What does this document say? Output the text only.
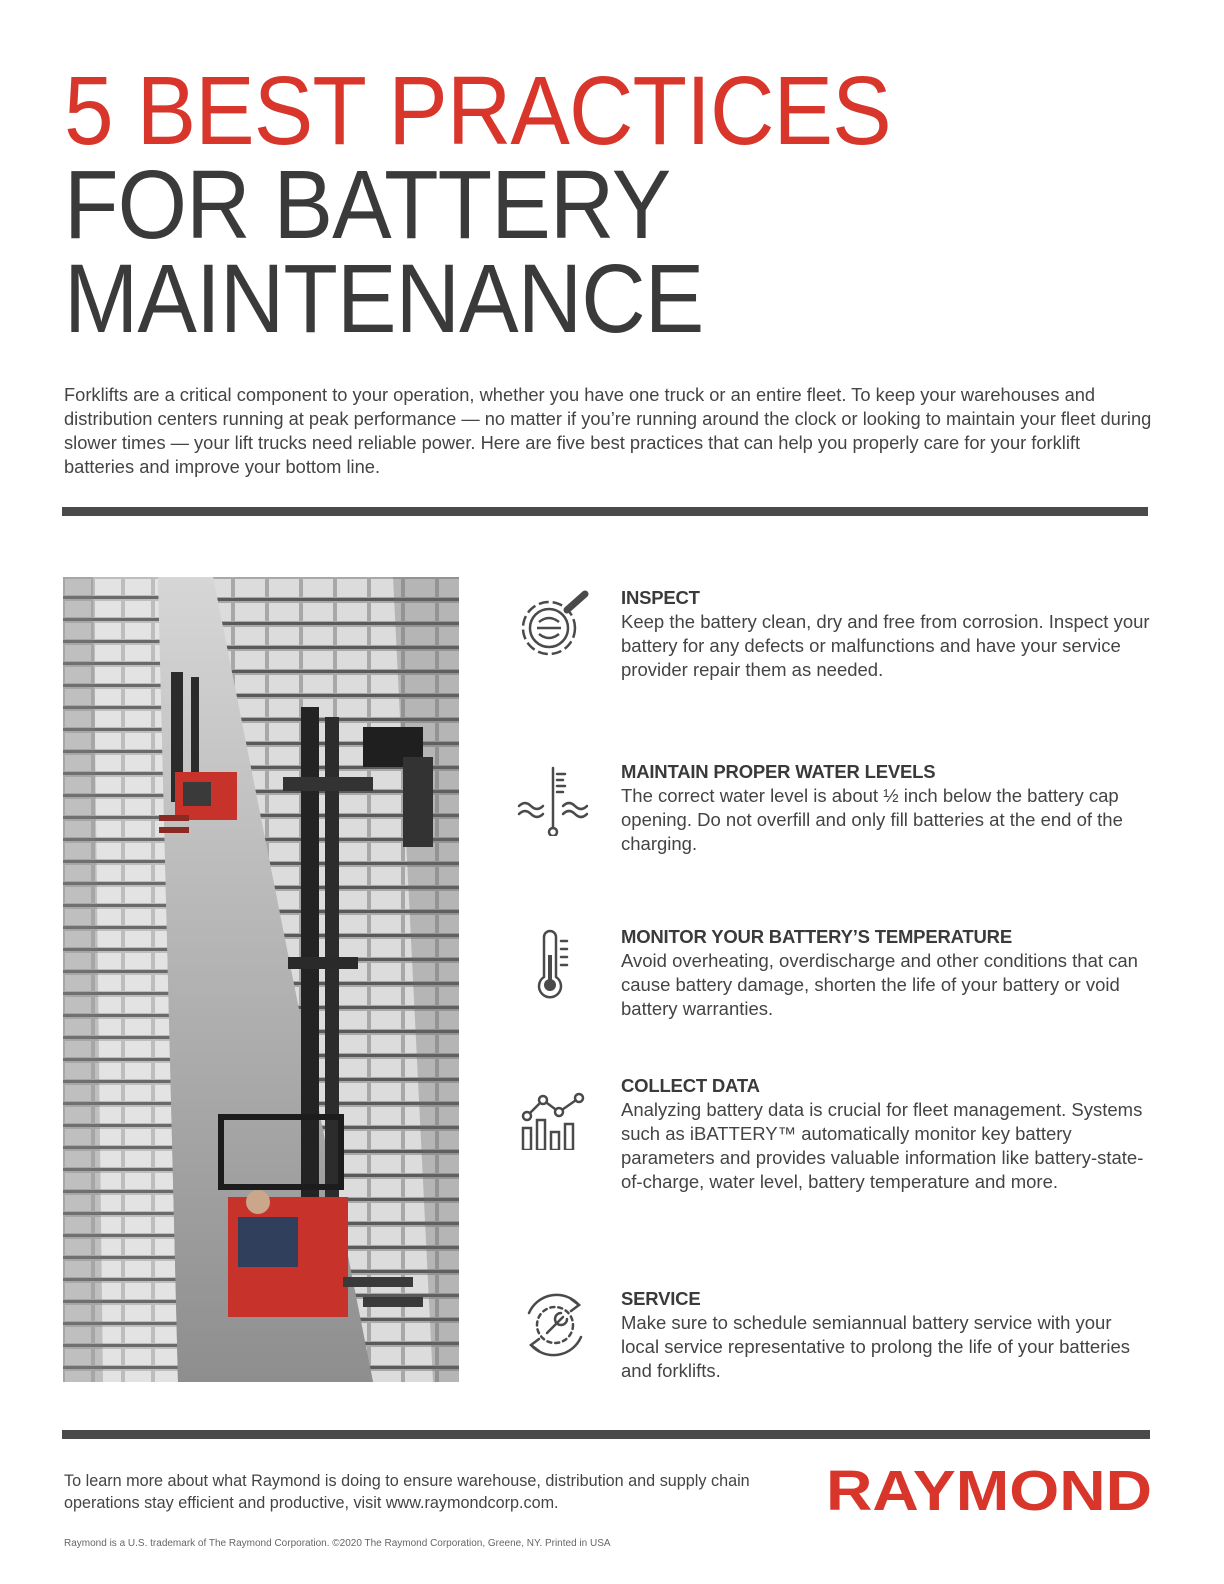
5 BEST PRACTICES
FOR BATTERY
MAINTENANCE

Forklifts are a critical component to your operation, whether you have one truck or an entire fleet. To keep your warehouses and distribution centers running at peak performance — no matter if you’re running around the clock or looking to maintain your fleet during slower times — your lift trucks need reliable power. Here are five best practices that can help you properly care for your forklift batteries and improve your bottom line.

INSPECT

Keep the battery clean, dry and free from corrosion. Inspect your battery for any defects or malfunctions and have your service provider repair them as needed.

MAINTAIN PROPER WATER LEVELS

The correct water level is about ½ inch below the battery cap opening. Do not overfill and only fill batteries at the end of the charging.

MONITOR YOUR BATTERY’S TEMPERATURE

Avoid overheating, overdischarge and other conditions that can cause battery damage, shorten the life of your battery or void battery warranties.

COLLECT DATA

Analyzing battery data is crucial for fleet management. Systems such as iBATTERY™ automatically monitor key battery parameters and provides valuable information like battery-state-of-charge, water level, battery temperature and more.

SERVICE

Make sure to schedule semiannual battery service with your local service representative to prolong the life of your batteries and forklifts.

To learn more about what Raymond is doing to ensure warehouse, distribution and supply chain operations stay efficient and productive, visit www.raymondcorp.com.	RAYMOND

Raymond is a U.S. trademark of The Raymond Corporation. ©2020 The Raymond Corporation, Greene, NY. Printed in USA
